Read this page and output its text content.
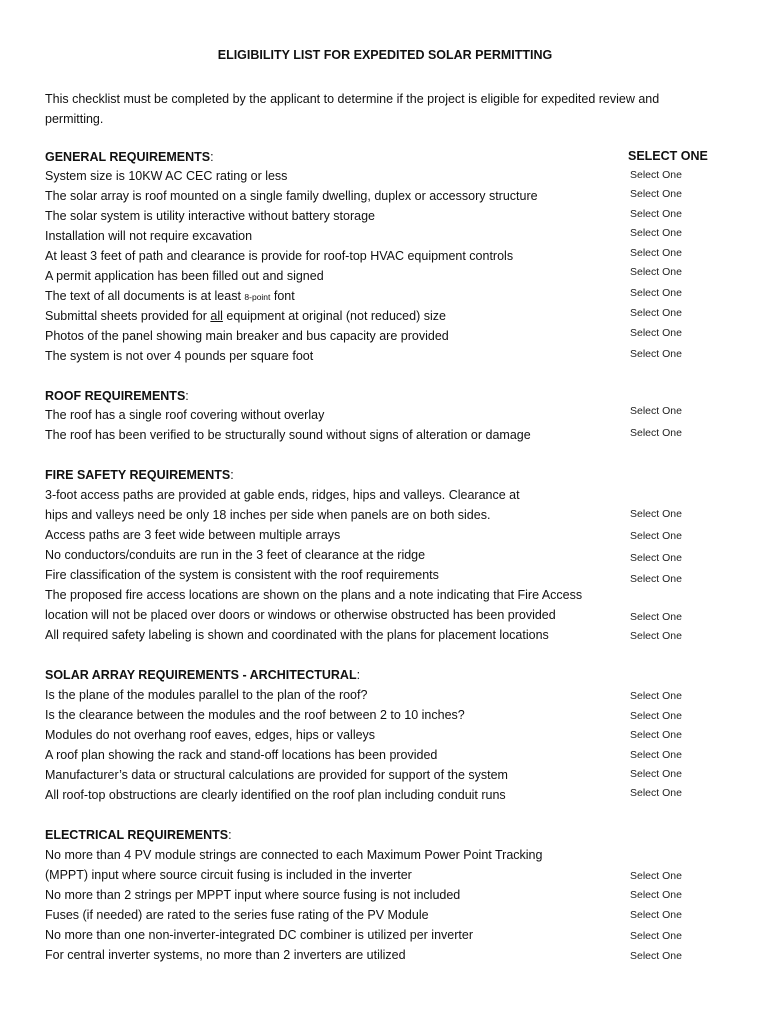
ELIGIBILITY LIST FOR EXPEDITED SOLAR PERMITTING
This checklist must be completed by the applicant to determine if the project is eligible for expedited review and permitting.
GENERAL REQUIREMENTS:	SELECT ONE
System size is 10KW AC CEC rating or less
The solar array is roof mounted on a single family dwelling, duplex or accessory structure
The solar system is utility interactive without battery storage
Installation will not require excavation
At least 3 feet of path and clearance is provide for roof-top HVAC equipment controls
A permit application has been filled out and signed
The text of all documents is at least 8-point font
Submittal sheets provided for all equipment at original (not reduced) size
Photos of the panel showing main breaker and bus capacity are provided
The system is not over 4 pounds per square foot
Select One
Select One
Select One
Select One
Select One
Select One
Select One
Select One
Select One
Select One
ROOF REQUIREMENTS:
The roof has a single roof covering without overlay
The roof has been verified to be structurally sound without signs of alteration or damage
Select One
Select One
FIRE SAFETY REQUIREMENTS:
3-foot access paths are provided at gable ends, ridges, hips and valleys. Clearance at
hips and valleys need be only 18 inches per side when panels are on both sides.
Access paths are 3 feet wide between multiple arrays
No conductors/conduits are run in the 3 feet of clearance at the ridge
Fire classification of the system is consistent with the roof requirements
The proposed fire access locations are shown on the plans and a note indicating that Fire Access
location will not be placed over doors or windows or otherwise obstructed has been provided
All required safety labeling is shown and coordinated with the plans for placement locations
Select One
Select One
Select One
Select One
Select One
Select One
SOLAR ARRAY REQUIREMENTS - ARCHITECTURAL:
Is the plane of the modules parallel to the plan of the roof?
Is the clearance between the modules and the roof between 2 to 10 inches?
Modules do not overhang roof eaves, edges, hips or valleys
A roof plan showing the rack and stand-off locations has been provided
Manufacturer’s data or structural calculations are provided for support of the system
All roof-top obstructions are clearly identified on the roof plan including conduit runs
Select One
Select One
Select One
Select One
Select One
Select One
ELECTRICAL REQUIREMENTS:
No more than 4 PV module strings are connected to each Maximum Power Point Tracking
(MPPT) input where source circuit fusing is included in the inverter
No more than 2 strings per MPPT input where source fusing is not included
Fuses (if needed) are rated to the series fuse rating of the PV Module
No more than one non-inverter-integrated DC combiner is utilized per inverter
For central inverter systems, no more than 2 inverters are utilized
Select One
Select One
Select One
Select One
Select One
